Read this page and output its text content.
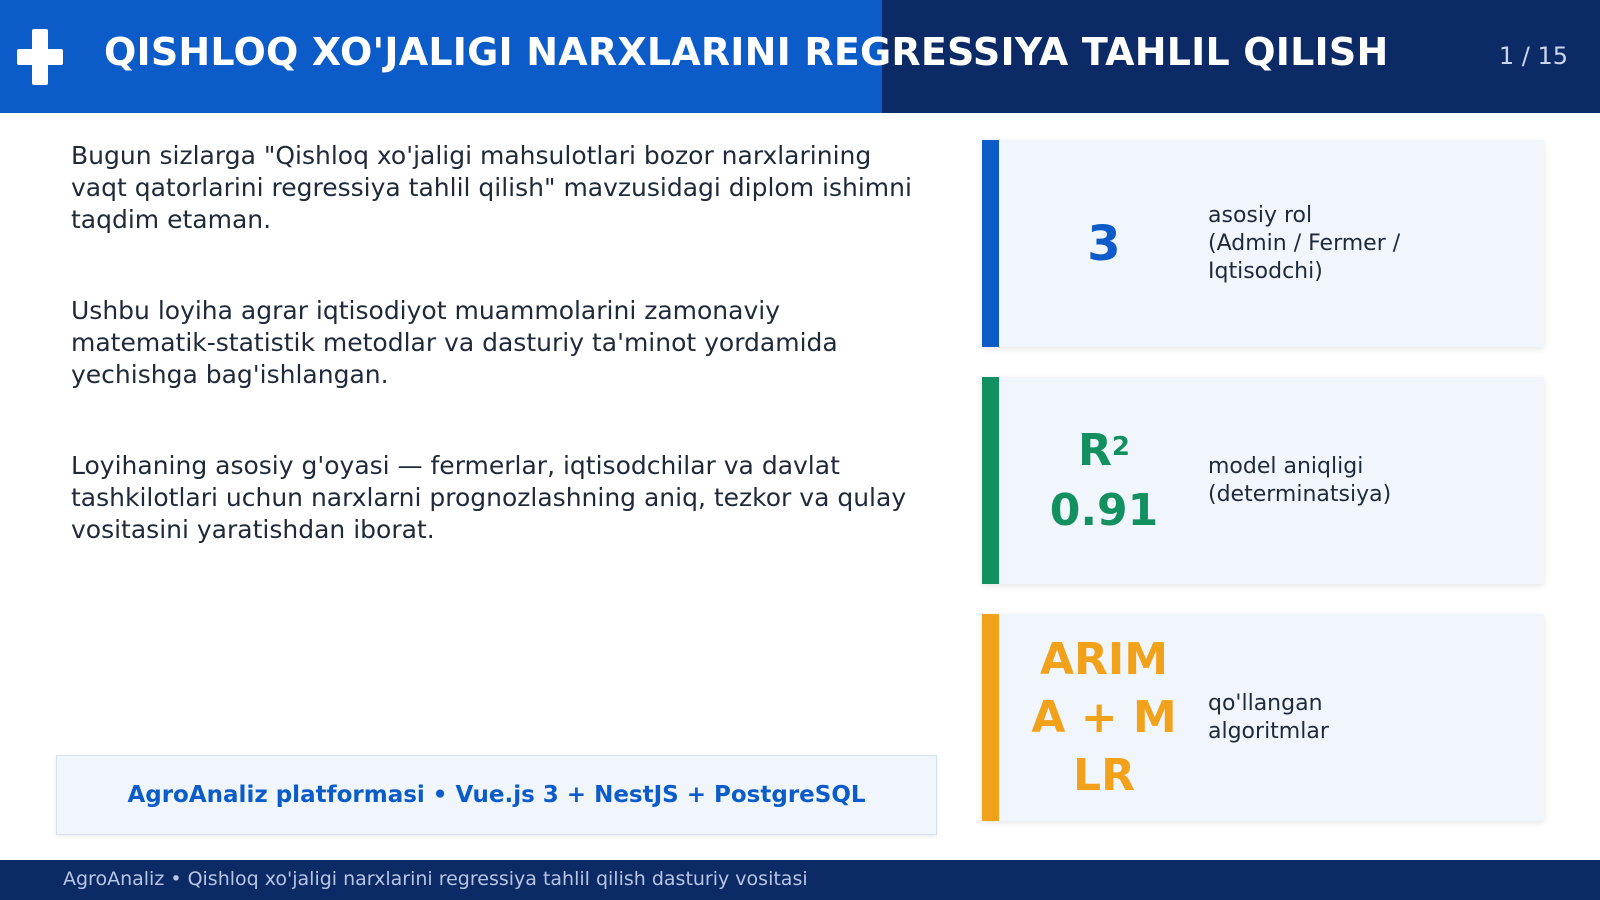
QISHLOQ XO'JALIGI NARXLARINI REGRESSIYA TAHLIL QILISH	1 / 15
Bugun sizlarga "Qishloq xo'jaligi mahsulotlari bozor narxlarining vaqt qatorlarini regressiya tahlil qilish" mavzusidagi diplom ishimni taqdim etaman.
Ushbu loyiha agrar iqtisodiyot muammolarini zamonaviy matematik-statistik metodlar va dasturiy ta'minot yordamida yechishga bag'ishlangan.
Loyihaning asosiy g'oyasi — fermerlar, iqtisodchilar va davlat tashkilotlari uchun narxlarni prognozlashning aniq, tezkor va qulay vositasini yaratishdan iborat.
AgroAnaliz platformasi • Vue.js 3 + NestJS + PostgreSQL
3
asosiy rol
(Admin / Fermer /
Iqtisodchi)
$R^2$
0.91
model aniqligi
(determinatsiya)
ARIMA + MLR
qo'llangan
algoritmlar
AgroAnaliz • Qishloq xo'jaligi narxlarini regressiya tahlil qilish dasturiy vositasi
